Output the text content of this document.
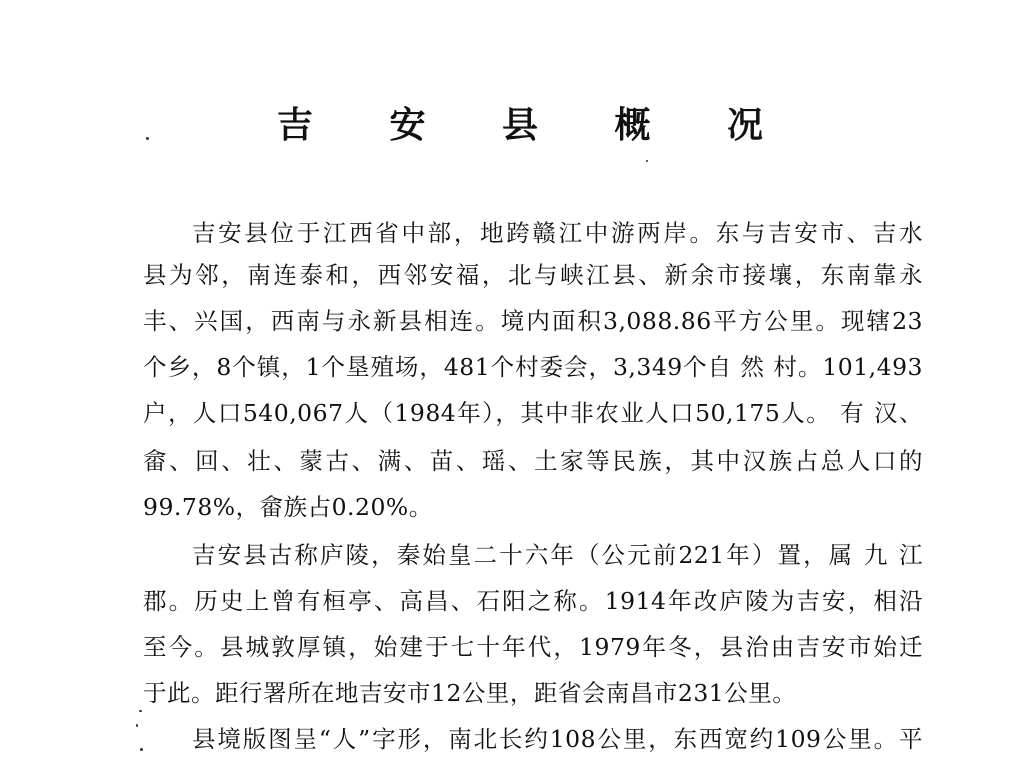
吉 安 县 概 况
吉安县位于江西省中部，地跨赣江中游两岸。东与吉安市、吉水
县为邻，南连泰和，西邻安福，北与峡江县、新余市接壤，东南靠永
丰、兴国，西南与永新县相连。境内面积3,088.86平方公里。现辖23
个乡，8个镇，1个垦殖场，481个村委会，3,349个自 然 村。101,493
户，人口540,067人（1984年），其中非农业人口50,175人。 有 汉、
畲、回、壮、蒙古、满、苗、瑶、土家等民族，其中汉族占总人口的
99.78%，畲族占0.20%。
吉安县古称庐陵，秦始皇二十六年（公元前221年）置，属 九 江
郡。历史上曾有桓亭、高昌、石阳之称。1914年改庐陵为吉安，相沿
至今。县城敦厚镇，始建于七十年代，1979年冬，县治由吉安市始迁
于此。距行署所在地吉安市12公里，距省会南昌市231公里。
县境版图呈“人”字形，南北长约108公里，东西宽约109公里。平
